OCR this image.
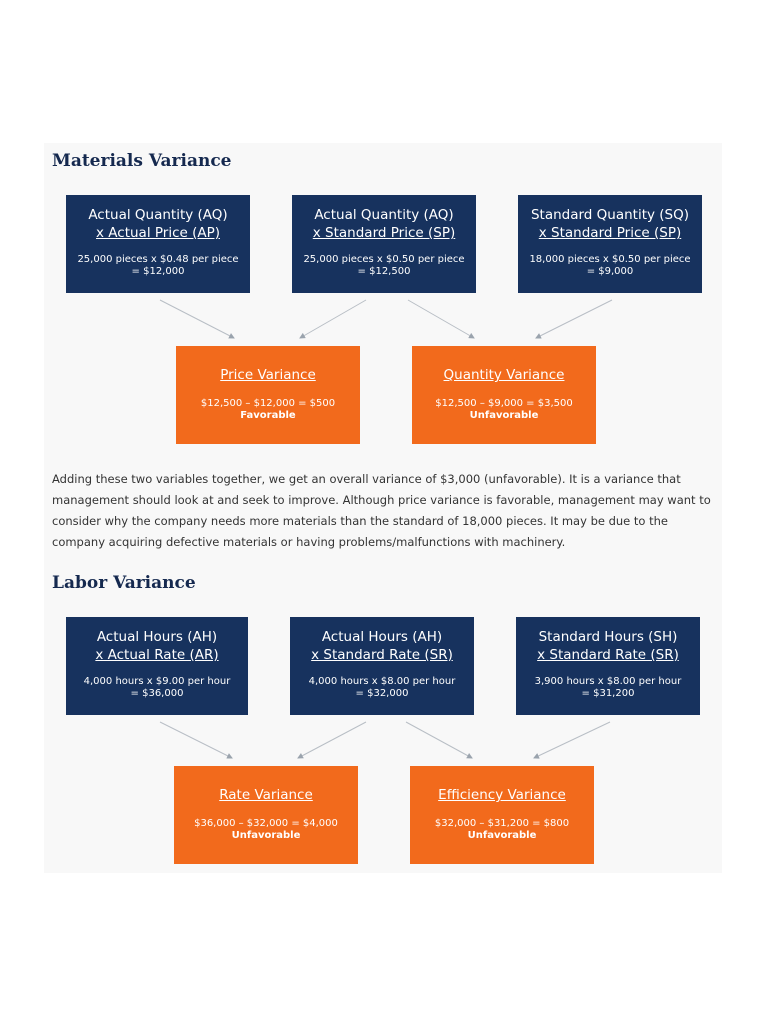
Materials Variance
Actual Quantity (AQ)
x Actual Price (AP)
25,000 pieces x $0.48 per piece
= $12,000
Actual Quantity (AQ)
x Standard Price (SP)
25,000 pieces x $0.50 per piece
= $12,500
Standard Quantity (SQ)
x Standard Price (SP)
18,000 pieces x $0.50 per piece
= $9,000
Price Variance
$12,500 – $12,000 = $500
Favorable
Quantity Variance
$12,500 – $9,000 = $3,500
Unfavorable

Adding these two variables together, we get an overall variance of $3,000 (unfavorable). It is a variance that management should look at and seek to improve. Although price variance is favorable, management may want to consider why the company needs more materials than the standard of 18,000 pieces. It may be due to the company acquiring defective materials or having problems/malfunctions with machinery.

Labor Variance
Actual Hours (AH)
x Actual Rate (AR)
4,000 hours x $9.00 per hour
= $36,000
Actual Hours (AH)
x Standard Rate (SR)
4,000 hours x $8.00 per hour
= $32,000
Standard Hours (SH)
x Standard Rate (SR)
3,900 hours x $8.00 per hour
= $31,200
Rate Variance
$36,000 – $32,000 = $4,000
Unfavorable
Efficiency Variance
$32,000 – $31,200 = $800
Unfavorable
